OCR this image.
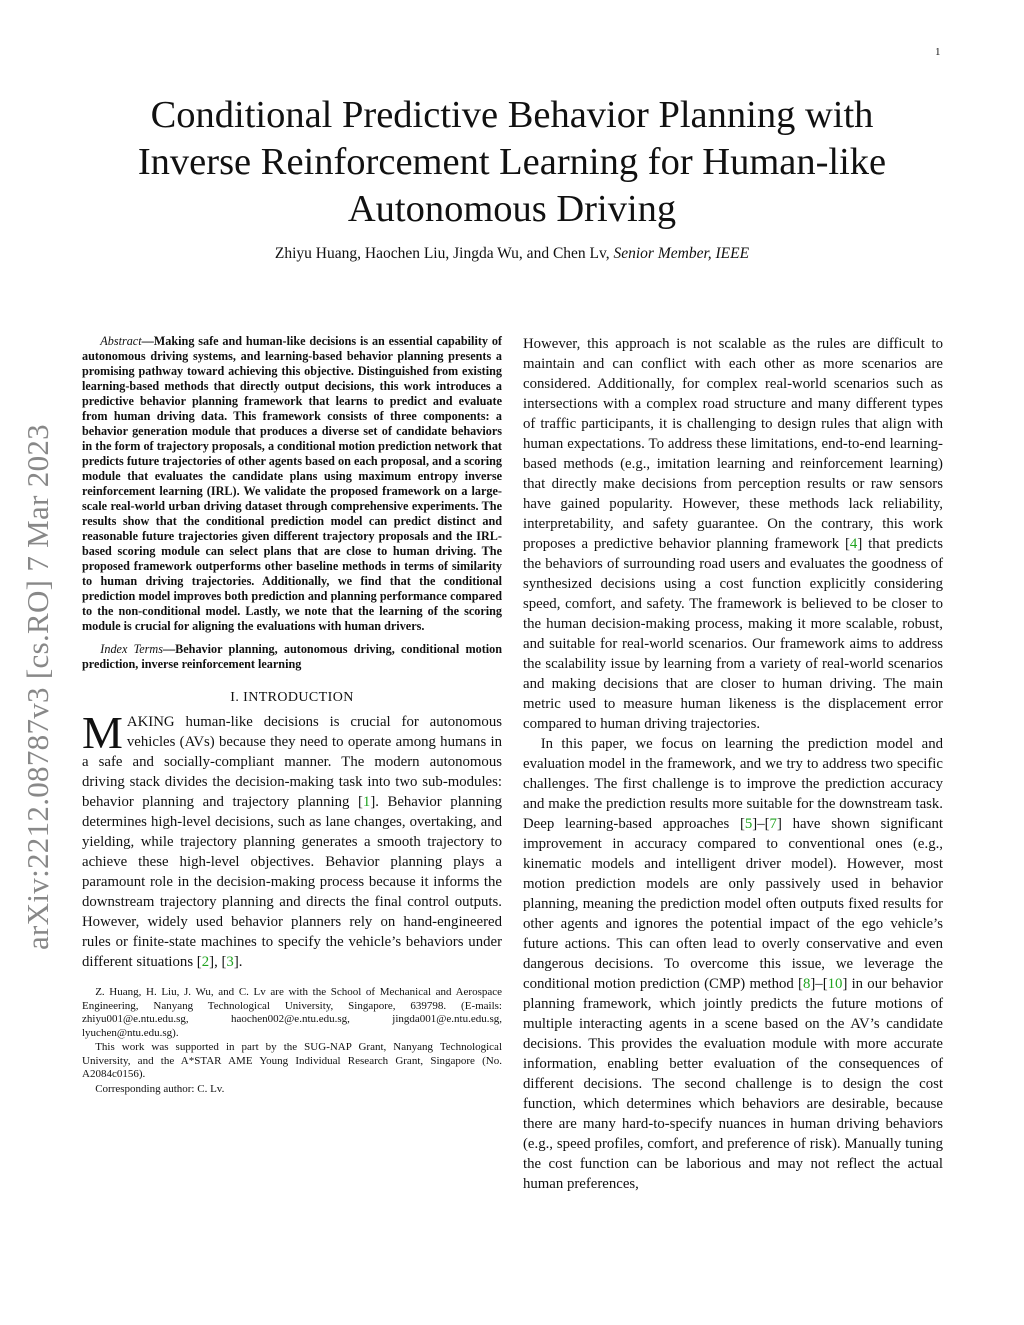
1
arXiv:2212.08787v3 [cs.RO] 7 Mar 2023
Conditional Predictive Behavior Planning with
Inverse Reinforcement Learning for Human-like
Autonomous Driving
Zhiyu Huang, Haochen Liu, Jingda Wu, and Chen Lv, Senior Member, IEEE

Abstract—Making safe and human-like decisions is an essential capability of autonomous driving systems, and learning-based behavior planning presents a promising pathway toward achieving this objective. Distinguished from existing learning-based methods that directly output decisions, this work introduces a predictive behavior planning framework that learns to predict and evaluate from human driving data. This framework consists of three components: a behavior generation module that produces a diverse set of candidate behaviors in the form of trajectory proposals, a conditional motion prediction network that predicts future trajectories of other agents based on each proposal, and a scoring module that evaluates the candidate plans using maximum entropy inverse reinforcement learning (IRL). We validate the proposed framework on a large-scale real-world urban driving dataset through comprehensive experiments. The results show that the conditional prediction model can predict distinct and reasonable future trajectories given different trajectory proposals and the IRL-based scoring module can select plans that are close to human driving. The proposed framework outperforms other baseline methods in terms of similarity to human driving trajectories. Additionally, we find that the conditional prediction model improves both prediction and planning performance compared to the non-conditional model. Lastly, we note that the learning of the scoring module is crucial for aligning the evaluations with human drivers.

Index Terms—Behavior planning, autonomous driving, conditional motion prediction, inverse reinforcement learning

I. INTRODUCTION

MAKING human-like decisions is crucial for autonomous vehicles (AVs) because they need to operate among humans in a safe and socially-compliant manner. The modern autonomous driving stack divides the decision-making task into two sub-modules: behavior planning and trajectory planning [1]. Behavior planning determines high-level decisions, such as lane changes, overtaking, and yielding, while trajectory planning generates a smooth trajectory to achieve these high-level objectives. Behavior planning plays a paramount role in the decision-making process because it informs the downstream trajectory planning and directs the final control outputs. However, widely used behavior planners rely on hand-engineered rules or finite-state machines to specify the vehicle’s behaviors under different situations [2], [3].

Z. Huang, H. Liu, J. Wu, and C. Lv are with the School of Mechanical and Aerospace Engineering, Nanyang Technological University, Singapore, 639798. (E-mails: zhiyu001@e.ntu.edu.sg, haochen002@e.ntu.edu.sg, jingda001@e.ntu.edu.sg, lyuchen@ntu.edu.sg).

This work was supported in part by the SUG-NAP Grant, Nanyang Technological University, and the A*STAR AME Young Individual Research Grant, Singapore (No. A2084c0156).

Corresponding author: C. Lv.

However, this approach is not scalable as the rules are difficult to maintain and can conflict with each other as more scenarios are considered. Additionally, for complex real-world scenarios such as intersections with a complex road structure and many different types of traffic participants, it is challenging to design rules that align with human expectations. To address these limitations, end-to-end learning-based methods (e.g., imitation learning and reinforcement learning) that directly make decisions from perception results or raw sensors have gained popularity. However, these methods lack reliability, interpretability, and safety guarantee. On the contrary, this work proposes a predictive behavior planning framework [4] that predicts the behaviors of surrounding road users and evaluates the goodness of synthesized decisions using a cost function explicitly considering speed, comfort, and safety. The framework is believed to be closer to the human decision-making process, making it more scalable, robust, and suitable for real-world scenarios. Our framework aims to address the scalability issue by learning from a variety of real-world scenarios and making decisions that are closer to human driving. The main metric used to measure human likeness is the displacement error compared to human driving trajectories.

In this paper, we focus on learning the prediction model and evaluation model in the framework, and we try to address two specific challenges. The first challenge is to improve the prediction accuracy and make the prediction results more suitable for the downstream task. Deep learning-based approaches [5]–[7] have shown significant improvement in accuracy compared to conventional ones (e.g., kinematic models and intelligent driver model). However, most motion prediction models are only passively used in behavior planning, meaning the prediction model often outputs fixed results for other agents and ignores the potential impact of the ego vehicle’s future actions. This can often lead to overly conservative and even dangerous decisions. To overcome this issue, we leverage the conditional motion prediction (CMP) method [8]–[10] in our behavior planning framework, which jointly predicts the future motions of multiple interacting agents in a scene based on the AV’s candidate decisions. This provides the evaluation module with more accurate information, enabling better evaluation of the consequences of different decisions. The second challenge is to design the cost function, which determines which behaviors are desirable, because there are many hard-to-specify nuances in human driving behaviors (e.g., speed profiles, comfort, and preference of risk). Manually tuning the cost function can be laborious and may not reflect the actual human preferences,
